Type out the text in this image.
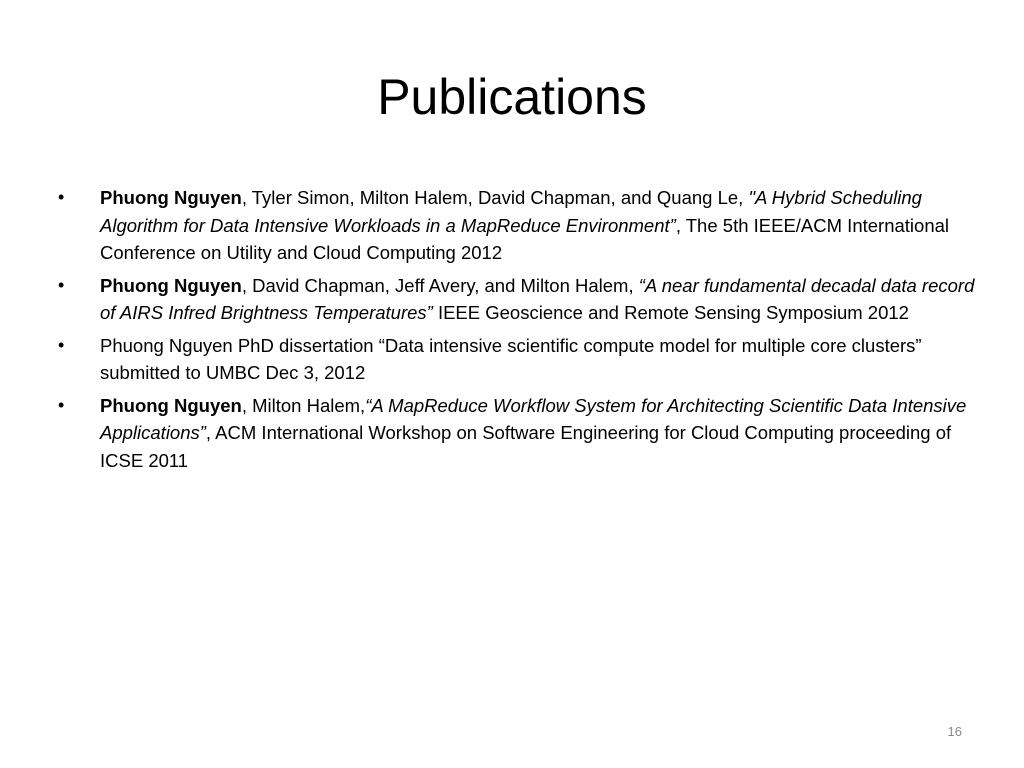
Publications
• Phuong Nguyen, Tyler Simon, Milton Halem, David Chapman, and Quang Le, "A Hybrid Scheduling Algorithm for Data Intensive Workloads in a MapReduce Environment”, The 5th IEEE/ACM International Conference on Utility and Cloud Computing 2012
• Phuong Nguyen, David Chapman, Jeff Avery, and Milton Halem, “A near fundamental decadal data record of AIRS Infred Brightness Temperatures” IEEE Geoscience and Remote Sensing Symposium 2012
• Phuong Nguyen PhD dissertation “Data intensive scientific compute model for multiple core clusters” submitted to UMBC Dec 3, 2012
• Phuong Nguyen, Milton Halem,“A MapReduce Workflow System for Architecting Scientific Data Intensive Applications”, ACM International Workshop on Software Engineering for Cloud Computing proceeding of ICSE 2011
16
